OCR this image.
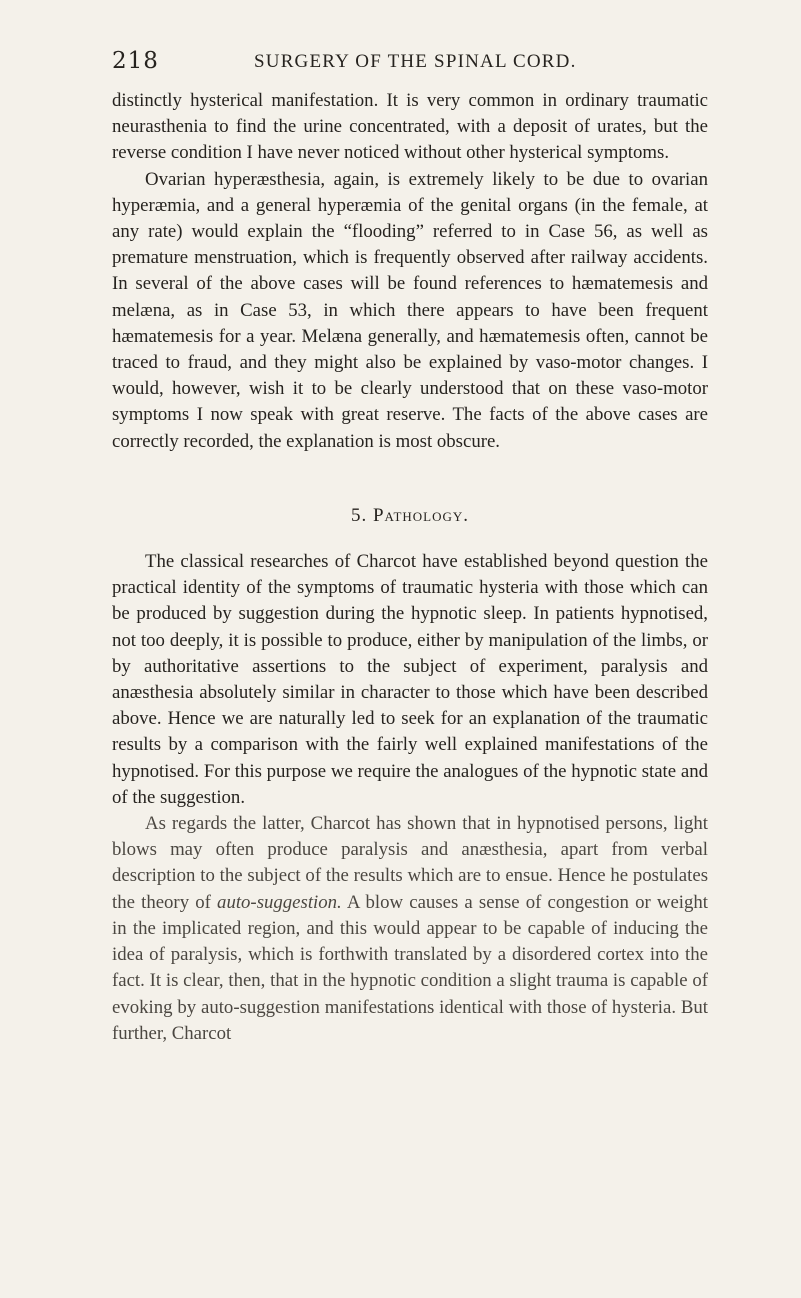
218	SURGERY OF THE SPINAL CORD.

distinctly hysterical manifestation. It is very common in ordinary traumatic neurasthenia to find the urine concentrated, with a deposit of urates, but the reverse condition I have never noticed without other hysterical symptoms.

Ovarian hyperæsthesia, again, is extremely likely to be due to ovarian hyperæmia, and a general hyperæmia of the genital organs (in the female, at any rate) would explain the “flooding” referred to in Case 56, as well as premature menstruation, which is frequently observed after railway accidents. In several of the above cases will be found references to hæmatemesis and melæna, as in Case 53, in which there appears to have been frequent hæmatemesis for a year. Melæna generally, and hæmatemesis often, cannot be traced to fraud, and they might also be explained by vaso-motor changes. I would, however, wish it to be clearly understood that on these vaso-motor symptoms I now speak with great reserve. The facts of the above cases are correctly recorded, the explanation is most obscure.

5. Pathology.

The classical researches of Charcot have established beyond question the practical identity of the symptoms of traumatic hysteria with those which can be produced by suggestion during the hypnotic sleep. In patients hypnotised, not too deeply, it is possible to produce, either by manipulation of the limbs, or by authoritative assertions to the subject of experiment, paralysis and anæsthesia absolutely similar in character to those which have been described above. Hence we are naturally led to seek for an explanation of the traumatic results by a comparison with the fairly well explained manifestations of the hypnotised. For this purpose we require the analogues of the hypnotic state and of the suggestion.

As regards the latter, Charcot has shown that in hypnotised persons, light blows may often produce paralysis and anæsthesia, apart from verbal description to the subject of the results which are to ensue. Hence he postulates the theory of auto-suggestion. A blow causes a sense of congestion or weight in the implicated region, and this would appear to be capable of inducing the idea of paralysis, which is forthwith translated by a disordered cortex into the fact. It is clear, then, that in the hypnotic condition a slight trauma is capable of evoking by auto-suggestion manifestations identical with those of hysteria. But further, Charcot
